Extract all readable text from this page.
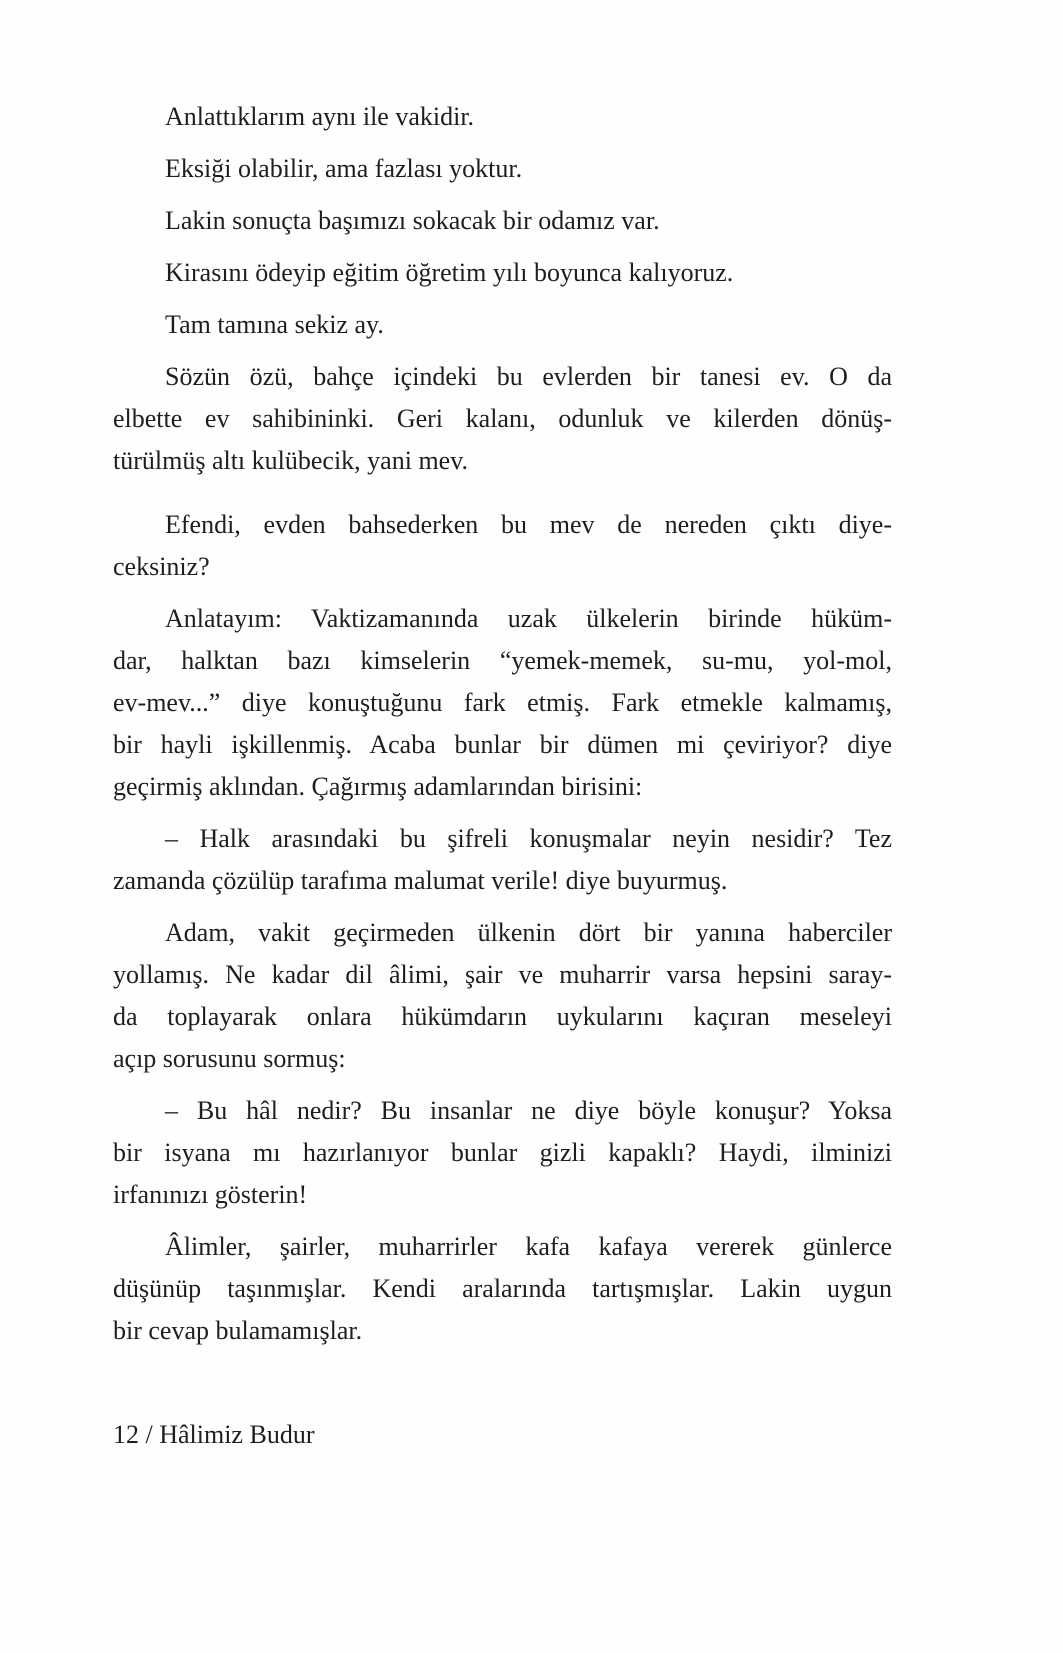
Anlattıklarım aynı ile vakidir.
Eksiği olabilir, ama fazlası yoktur.
Lakin sonuçta başımızı sokacak bir odamız var.
Kirasını ödeyip eğitim öğretim yılı boyunca kalıyoruz.
Tam tamına sekiz ay.
Sözün özü, bahçe içindeki bu evlerden bir tanesi ev. O da
elbette ev sahibininki. Geri kalanı, odunluk ve kilerden dönüş-
türülmüş altı kulübecik, yani mev.
Efendi, evden bahsederken bu mev de nereden çıktı diye-
ceksiniz?
Anlatayım: Vaktizamanında uzak ülkelerin birinde hüküm-
dar, halktan bazı kimselerin “yemek-memek, su-mu, yol-mol,
ev-mev...” diye konuştuğunu fark etmiş. Fark etmekle kalmamış,
bir hayli işkillenmiş. Acaba bunlar bir dümen mi çeviriyor? diye
geçirmiş aklından. Çağırmış adamlarından birisini:
– Halk arasındaki bu şifreli konuşmalar neyin nesidir? Tez
zamanda çözülüp tarafıma malumat verile! diye buyurmuş.
Adam, vakit geçirmeden ülkenin dört bir yanına haberciler
yollamış. Ne kadar dil âlimi, şair ve muharrir varsa hepsini saray-
da toplayarak onlara hükümdarın uykularını kaçıran meseleyi
açıp sorusunu sormuş:
– Bu hâl nedir? Bu insanlar ne diye böyle konuşur? Yoksa
bir isyana mı hazırlanıyor bunlar gizli kapaklı? Haydi, ilminizi
irfanınızı gösterin!
Âlimler, şairler, muharrirler kafa kafaya vererek günlerce
düşünüp taşınmışlar. Kendi aralarında tartışmışlar. Lakin uygun
bir cevap bulamamışlar.
12 / Hâlimiz Budur
